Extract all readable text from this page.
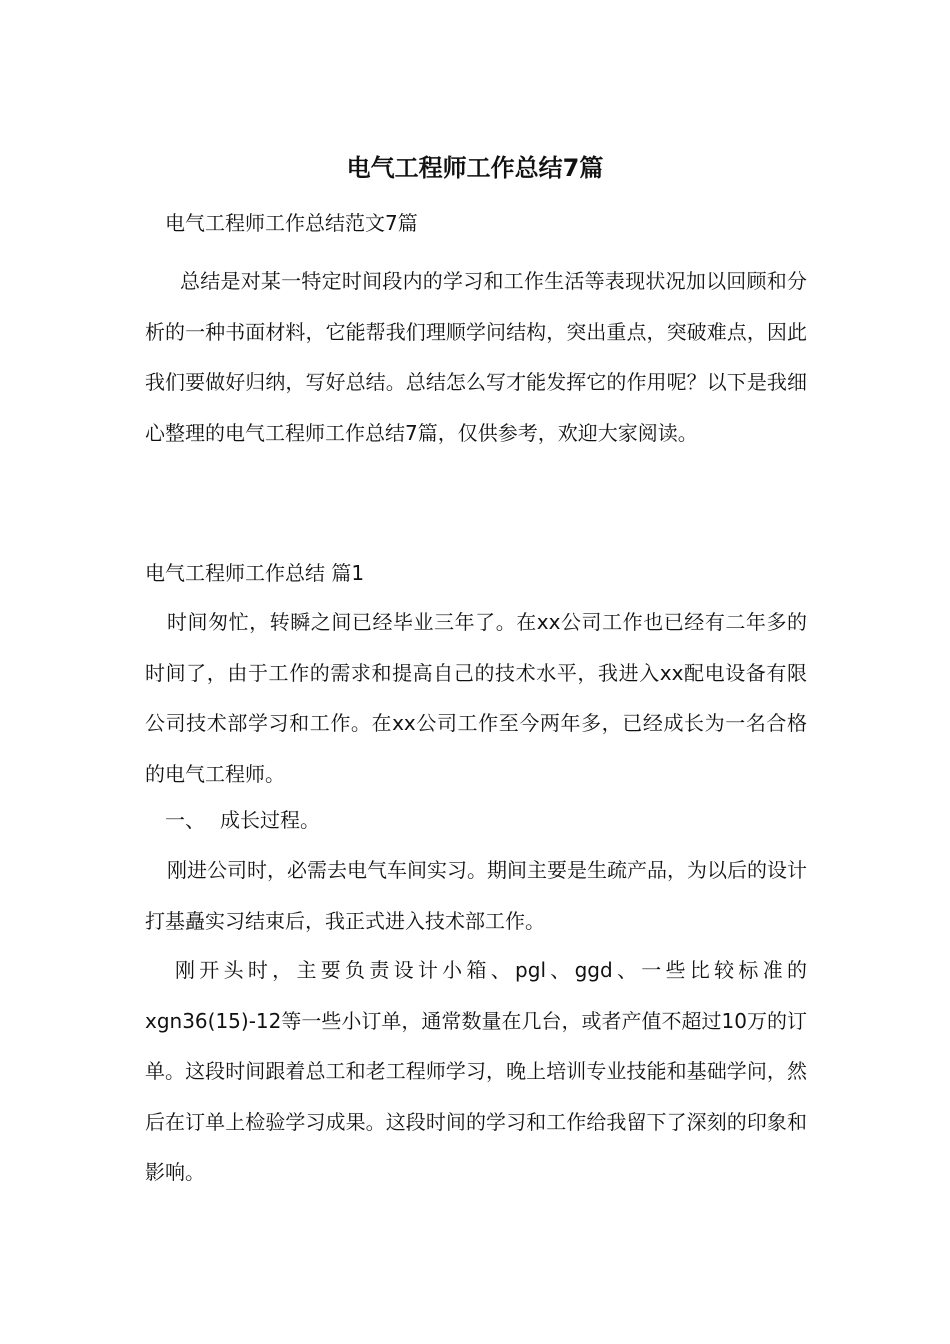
电气工程师工作总结7篇

电气工程师工作总结范文7篇

总结是对某一特定时间段内的学习和工作生活等表现状况加以回顾和分析的一种书面材料，它能帮我们理顺学问结构，突出重点，突破难点，因此我们要做好归纳，写好总结。总结怎么写才能发挥它的作用呢？以下是我细心整理的电气工程师工作总结7篇，仅供参考，欢迎大家阅读。

电气工程师工作总结 篇1

时间匆忙，转瞬之间已经毕业三年了。在xx公司工作也已经有二年多的时间了，由于工作的需求和提高自己的技术水平，我进入xx配电设备有限公司技术部学习和工作。在xx公司工作至今两年多，已经成长为一名合格的电气工程师。

一、 成长过程。

刚进公司时，必需去电气车间实习。期间主要是生疏产品，为以后的设计打基矗实习结束后，我正式进入技术部工作。

刚开头时，主要负责设计小箱、pgl、ggd、一些比较标准的xgn36(15)-12等一些小订单，通常数量在几台，或者产值不超过10万的订单。这段时间跟着总工和老工程师学习，晚上培训专业技能和基础学问，然后在订单上检验学习成果。这段时间的学习和工作给我留下了深刻的印象和影响。
